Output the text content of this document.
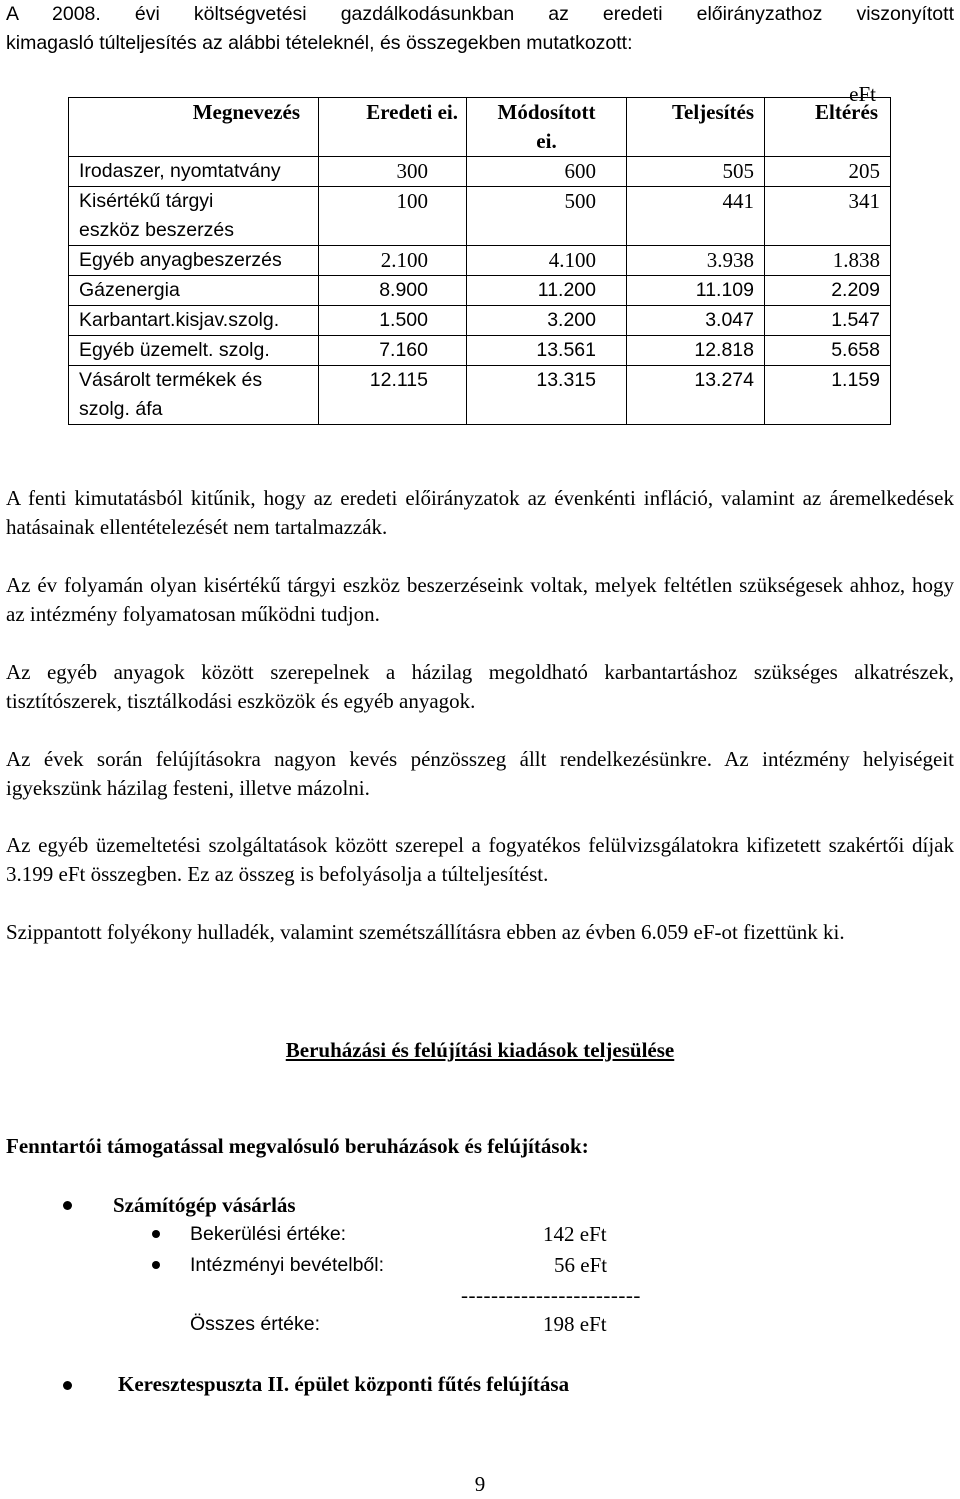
A 2008. évi költségvetési gazdálkodásunkban az eredeti előirányzathoz viszonyított
kimagasló túlteljesítés az alábbi tételeknél, és összegekben mutatkozott:
eFt
Megnevezés	Eredeti ei.	Módosított ei.	Teljesítés	Eltérés
Irodaszer, nyomtatvány	300	600	505	205
Kisértékű tárgyi eszköz beszerzés	100	500	441	341
Egyéb anyagbeszerzés	2.100	4.100	3.938	1.838
Gázenergia	8.900	11.200	11.109	2.209
Karbantart.kisjav.szolg.	1.500	3.200	3.047	1.547
Egyéb üzemelt. szolg.	7.160	13.561	12.818	5.658
Vásárolt termékek és szolg. áfa	12.115	13.315	13.274	1.159
A fenti kimutatásból kitűnik, hogy az eredeti előirányzatok az évenkénti infláció, valamint az áremelkedések hatásainak ellentételezését nem tartalmazzák.
Az év folyamán olyan kisértékű tárgyi eszköz beszerzéseink voltak, melyek feltétlen szükségesek ahhoz, hogy az intézmény folyamatosan működni tudjon.
Az egyéb anyagok között szerepelnek a házilag megoldható karbantartáshoz szükséges alkatrészek, tisztítószerek, tisztálkodási eszközök és egyéb anyagok.
Az évek során felújításokra nagyon kevés pénzösszeg állt rendelkezésünkre. Az intézmény helyiségeit igyekszünk házilag festeni, illetve mázolni.
Az egyéb üzemeltetési szolgáltatások között szerepel a fogyatékos felülvizsgálatokra kifizetett szakértői díjak 3.199 eFt összegben. Ez az összeg is befolyásolja a túlteljesítést.
Szippantott folyékony hulladék, valamint szemétszállításra ebben az évben 6.059 eF-ot fizettünk ki.
Beruházási és felújítási kiadások teljesülése
Fenntartói támogatással megvalósuló beruházások és felújítások:
Számítógép vásárlás
Bekerülési értéke:	142 eFt
Intézményi bevételből:	56 eFt
------------------------
Összes értéke:	198 eFt
Keresztespuszta II. épület központi fűtés felújítása
9
